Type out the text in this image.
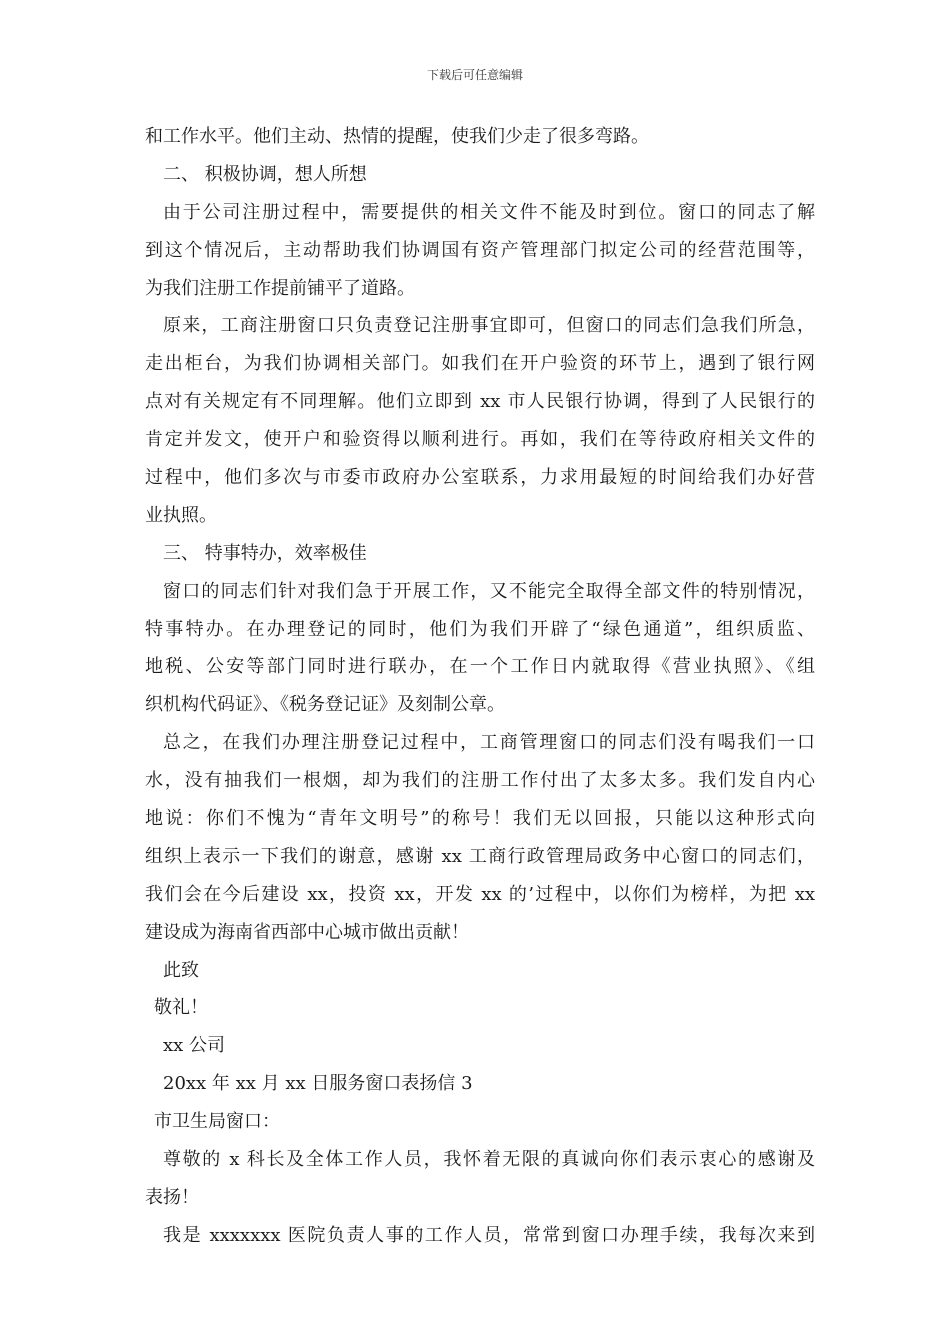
下载后可任意编辑
和工作水平。他们主动、热情的提醒，使我们少走了很多弯路。
二、 积极协调，想人所想
由于公司注册过程中，需要提供的相关文件不能及时到位。窗口的同志了解
到这个情况后，主动帮助我们协调国有资产管理部门拟定公司的经营范围等，
为我们注册工作提前铺平了道路。
原来，工商注册窗口只负责登记注册事宜即可，但窗口的同志们急我们所急，
走出柜台，为我们协调相关部门。如我们在开户验资的环节上，遇到了银行网
点对有关规定有不同理解。他们立即到 xx 市人民银行协调，得到了人民银行的
肯定并发文，使开户和验资得以顺利进行。再如，我们在等待政府相关文件的
过程中，他们多次与市委市政府办公室联系，力求用最短的时间给我们办好营
业执照。
三、 特事特办，效率极佳
窗口的同志们针对我们急于开展工作，又不能完全取得全部文件的特别情况，
特事特办。在办理登记的同时，他们为我们开辟了“绿色通道”，组织质监、
地税、公安等部门同时进行联办，在一个工作日内就取得《营业执照》、《组
织机构代码证》、《税务登记证》及刻制公章。
总之，在我们办理注册登记过程中，工商管理窗口的同志们没有喝我们一口
水，没有抽我们一根烟，却为我们的注册工作付出了太多太多。我们发自内心
地说：你们不愧为“青年文明号”的称号！我们无以回报，只能以这种形式向
组织上表示一下我们的谢意，感谢 xx 工商行政管理局政务中心窗口的同志们，
我们会在今后建设 xx，投资 xx，开发 xx 的’过程中，以你们为榜样，为把 xx
建设成为海南省西部中心城市做出贡献！
此致
敬礼！
xx 公司
20xx 年 xx 月 xx 日服务窗口表扬信 3
市卫生局窗口：
尊敬的 x 科长及全体工作人员，我怀着无限的真诚向你们表示衷心的感谢及
表扬！
我是 xxxxxxx 医院负责人事的工作人员，常常到窗口办理手续，我每次来到
